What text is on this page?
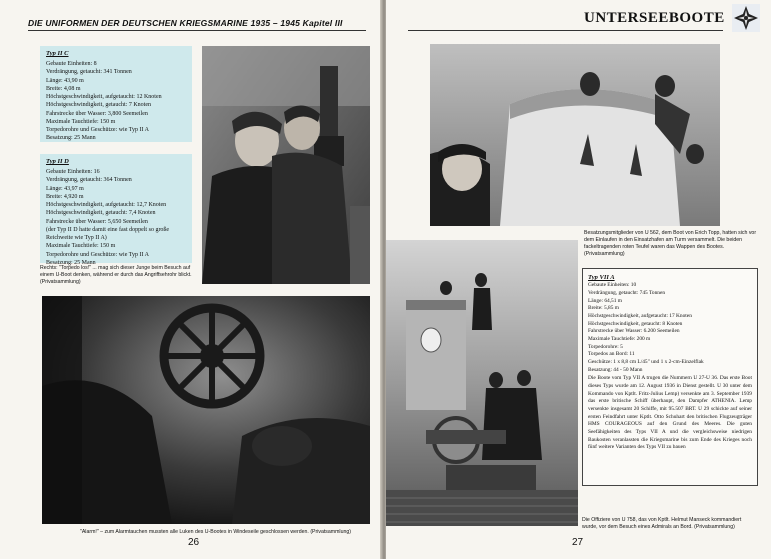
DIE UNIFORMEN DER DEUTSCHEN KRIEGSMARINE 1935 – 1945 Kapitel III
Typ II C
Gebaute Einheiten: 8
Verdrängung, getaucht: 341 Tonnen
Länge: 43,90 m
Breite: 4,08 m
Höchstgeschwindigkeit, aufgetaucht: 12 Knoten
Höchstgeschwindigkeit, getaucht: 7 Knoten
Fahrstrecke über Wasser: 3,800 Seemeilen
Maximale Tauchtiefe: 150 m
Torpedorohre und Geschütze: wie Typ II A
Besatzung: 25 Mann
Typ II D
Gebaute Einheiten: 16
Verdrängung, getaucht: 364 Tonnen
Länge: 43,97 m
Breite: 4,920 m
Höchstgeschwindigkeit, aufgetaucht: 12,7 Knoten
Höchstgeschwindigkeit, getaucht: 7,4 Knoten
Fahrstrecke über Wasser: 5,650 Seemeilen
(der Typ II D hatte damit eine fast doppelt so große
Reichweite wie Typ II A)
Maximale Tauchtiefe: 150 m
Torpedorohre und Geschütze: wie Typ II A
Besatzung: 25 Mann
Rechts: "Torpedo los!" ... mag sich dieser Junge beim Besuch auf einem U-Boot denken, während er durch das Angriffsehrohr blickt. (Privatsammlung)
"Alarm!" – zum Alarmtauchen mussten alle Luken des U-Bootes in Windeseile geschlossen werden. (Privatsammlung)
26
UNTERSEEBOOTE
Besatzungsmitglieder von U 562, dem Boot von Erich Topp, hatten sich vor dem Einlaufen in den Einsatzhafen am Turm versammelt. Die beiden fackeltragenden roten Teufel waren das Wappen des Bootes. (Privatsammlung)
Typ VII A
Gebaute Einheiten: 10
Verdrängung, getaucht: 745 Tonnen
Länge: 64,51 m
Breite: 5,85 m
Höchstgeschwindigkeit, aufgetaucht: 17 Knoten
Höchstgeschwindigkeit, getaucht: 8 Knoten
Fahrstrecke über Wasser: 6.200 Seemeilen
Maximale Tauchtiefe: 200 m
Torpedorohre: 5
Torpedos an Bord: 11
Geschütze: 1 x 8,8 cm L/45" und 1 x 2-cm-Einzelflak
Besatzung: 44 - 50 Mann
Die Boote vom Typ VII A trugen die Nummern U 27-U 36. Das erste Boot dieses Typs wurde am 12. August 1936 in Dienst gestellt. U 30 unter dem Kommando von Kptlt. Fritz-Julius Lemp) versenkte am 3. September 1939 das erste britische Schiff überhaupt, den Dampfer ATHENIA. Lemp versenkte insgesamt 20 Schiffe, mit 95.507 BRT. U 29 schickte auf seiner ersten Feindfahrt unter Kptlt. Otto Schuhart den britischen Flugzeugträger HMS COURAGEOUS auf den Grund des Meeres. Die guten Seefähigkeiten des Typs VII A und die vergleichsweise niedrigen Baukosten veranlassten die Kriegsmarine bis zum Ende des Krieges noch fünf weitere Varianten des Typs VII zu bauen
Die Offiziere von U 758, das von Kptlt. Helmut Manseck kommandiert wurde, vor dem Besuch eines Admirals an Bord. (Privatsammlung)
27
